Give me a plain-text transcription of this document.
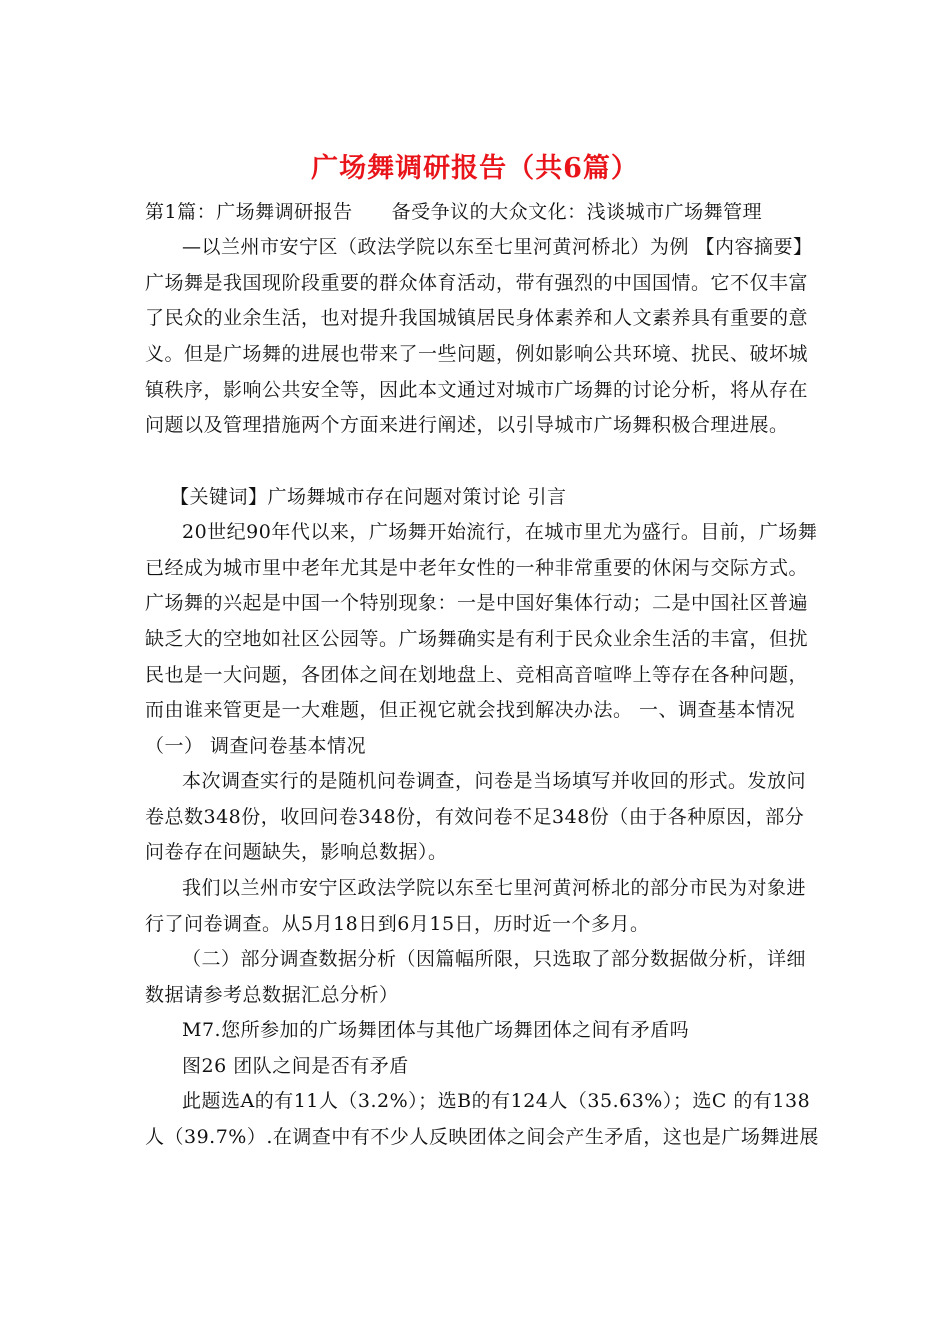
广场舞调研报告（共6篇）
第1篇：广场舞调研报告　　备受争议的大众文化：浅谈城市广场舞管理
—以兰州市安宁区（政法学院以东至七里河黄河桥北）为例 【内容摘要】
广场舞是我国现阶段重要的群众体育活动，带有强烈的中国国情。它不仅丰富
了民众的业余生活，也对提升我国城镇居民身体素养和人文素养具有重要的意
义。但是广场舞的进展也带来了一些问题，例如影响公共环境、扰民、破坏城
镇秩序，影响公共安全等，因此本文通过对城市广场舞的讨论分析，将从存在
问题以及管理措施两个方面来进行阐述，以引导城市广场舞积极合理进展。
【关键词】广场舞城市存在问题对策讨论 引言
20世纪90年代以来，广场舞开始流行，在城市里尤为盛行。目前，广场舞
已经成为城市里中老年尤其是中老年女性的一种非常重要的休闲与交际方式。
广场舞的兴起是中国一个特别现象：一是中国好集体行动；二是中国社区普遍
缺乏大的空地如社区公园等。广场舞确实是有利于民众业余生活的丰富，但扰
民也是一大问题，各团体之间在划地盘上、竞相高音喧哗上等存在各种问题，
而由谁来管更是一大难题，但正视它就会找到解决办法。 一、调查基本情况
（一） 调查问卷基本情况
本次调查实行的是随机问卷调查，问卷是当场填写并收回的形式。发放问
卷总数348份，收回问卷348份，有效问卷不足348份（由于各种原因，部分
问卷存在问题缺失，影响总数据）。
我们以兰州市安宁区政法学院以东至七里河黄河桥北的部分市民为对象进
行了问卷调查。从5月18日到6月15日，历时近一个多月。
（二）部分调查数据分析（因篇幅所限，只选取了部分数据做分析，详细
数据请参考总数据汇总分析）
M7.您所参加的广场舞团体与其他广场舞团体之间有矛盾吗
图26 团队之间是否有矛盾
此题选A的有11人（3.2%）；选B的有124人（35.63%）；选C 的有138
人（39.7%）.在调查中有不少人反映团体之间会产生矛盾，这也是广场舞进展
